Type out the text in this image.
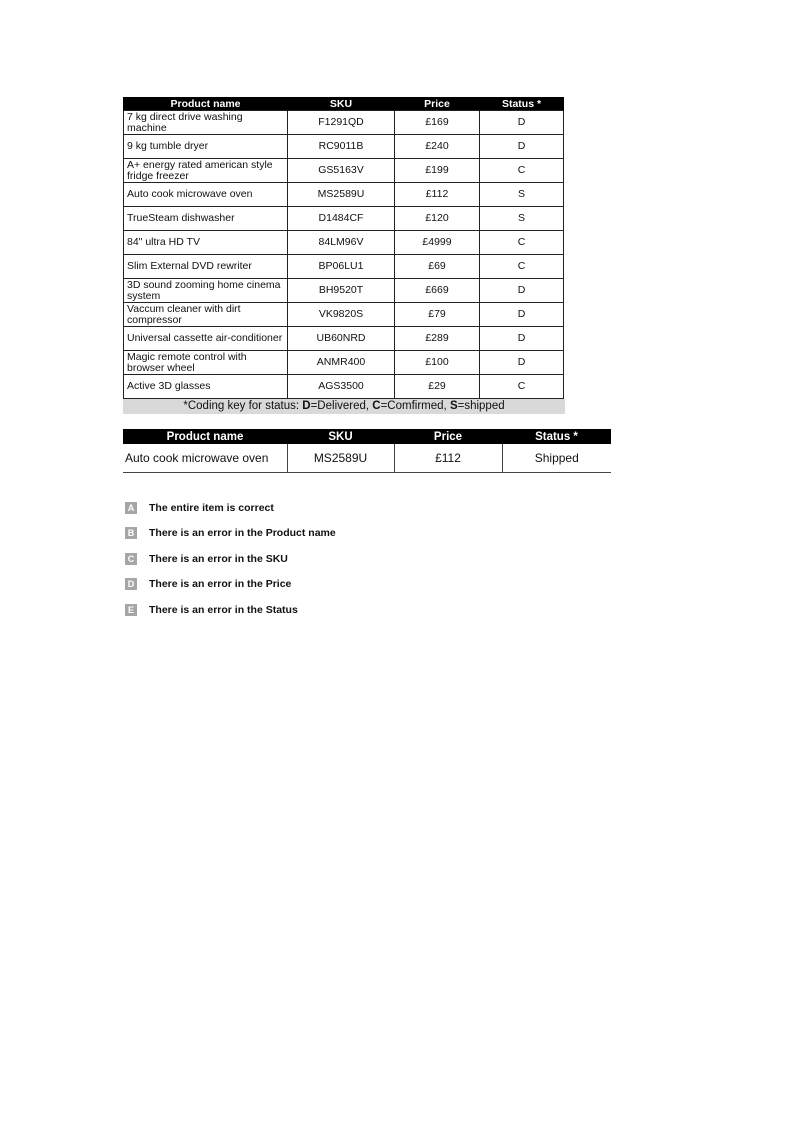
Product name	SKU	Price	Status *
7 kg direct drive washing machine	F1291QD	£169	D
9 kg tumble dryer	RC9011B	£240	D
A+ energy rated american style fridge freezer	GS5163V	£199	C
Auto cook microwave oven	MS2589U	£112	S
TrueSteam dishwasher	D1484CF	£120	S
84" ultra HD TV	84LM96V	£4999	C
Slim External DVD rewriter	BP06LU1	£69	C
3D sound zooming home cinema system	BH9520T	£669	D
Vaccum cleaner with dirt compressor	VK9820S	£79	D
Universal cassette air-conditioner	UB60NRD	£289	D
Magic remote control with browser wheel	ANMR400	£100	D
Active 3D glasses	AGS3500	£29	C
*Coding key for status: D=Delivered, C=Comfirmed, S=shipped
Product name	SKU	Price	Status *
Auto cook microwave oven	MS2589U	£112	Shipped
A The entire item is correct
B There is an error in the Product name
C There is an error in the SKU
D There is an error in the Price
E There is an error in the Status
